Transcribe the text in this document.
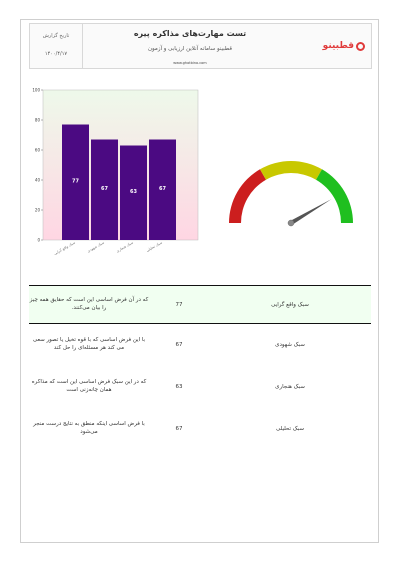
تاریخ گزارش
۱۴۰۰/۴/۱۷
تست مهارت‌های مذاکره پیره
قطبینو سامانه آنلاین ارزیابی و آزمون
www.ghotbino.com
قطبینو
0
20
40
60
80
100
77
سبک واقع گرایی
67
سبک شهودی
63
سبک هنجاری
67
سبک تحلیلی
که در آن فرض اساسی این است که حقایق همه چیز را بیان می‌کنند.	77	سبک واقع گرایی
با این فرض اساسی که با قوه تخیل یا تصور سعی می کند هر مسئله‌ای را حل کند	67	سبک شهودی
که در این سبک فرض اساسی این است که مذاکره همان چانه‌زنی است	63	سبک هنجاری
با فرض اساسی اینکه منطق به نتایج درست منجر می‌شود	67	سبک تحلیلی
